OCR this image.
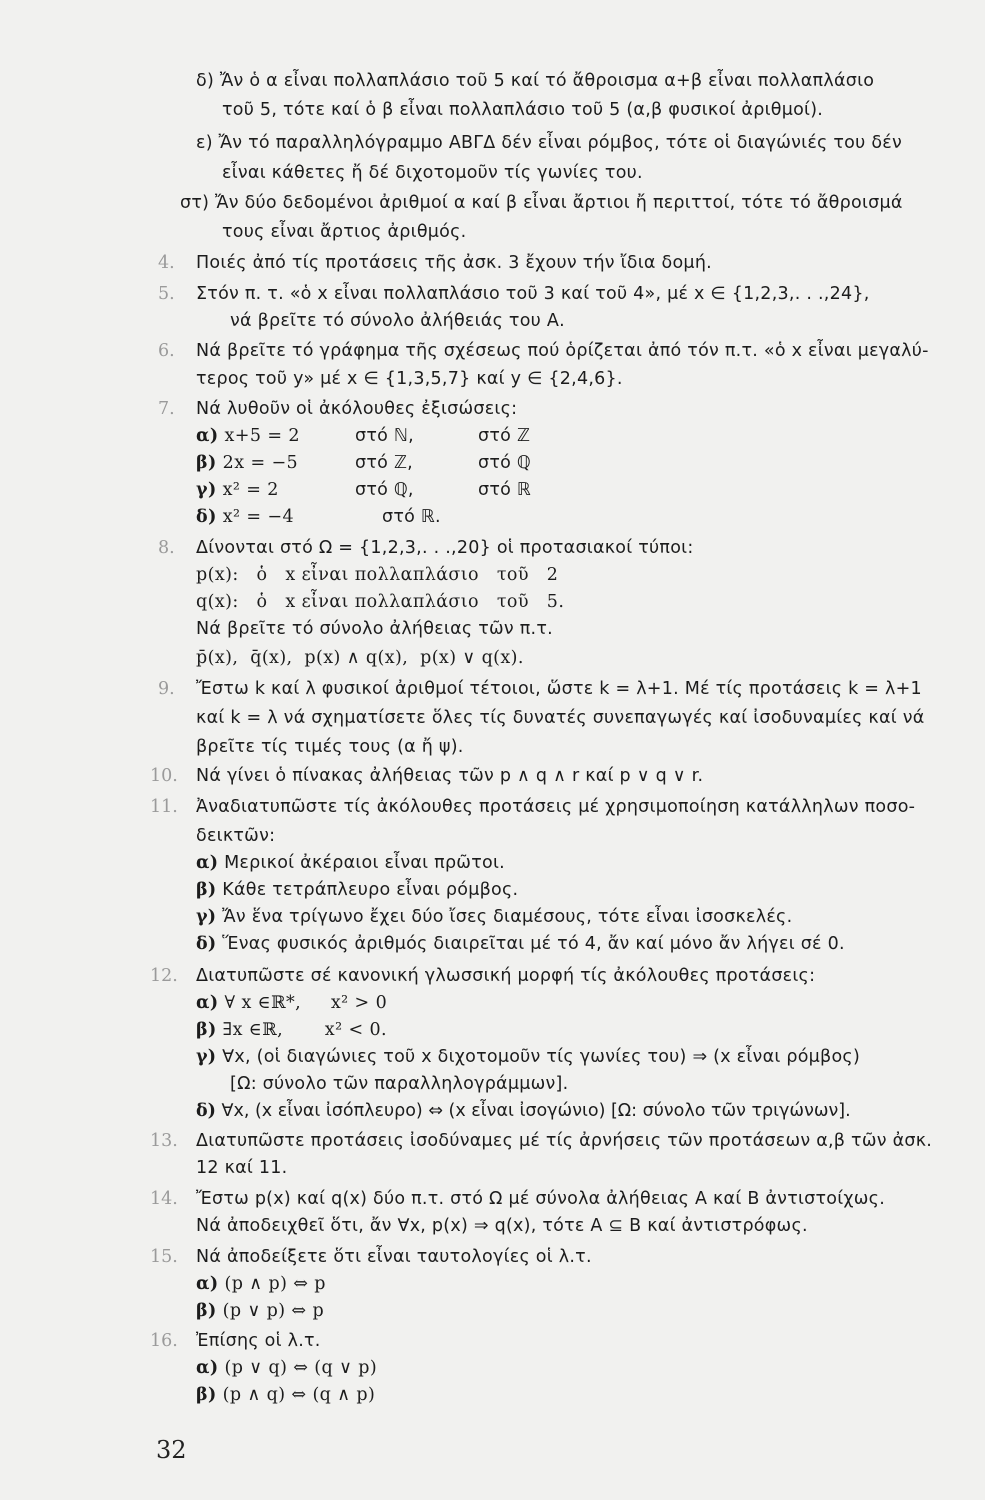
δ) Ἄν ὁ α εἶναι πολλαπλάσιο τοῦ 5 καί τό ἄθροισμα α+β εἶναι πολλαπλάσιο
τοῦ 5, τότε καί ὁ β εἶναι πολλαπλάσιο τοῦ 5 (α,β φυσικοί ἀριθμοί).
ε) Ἄν τό παραλληλόγραμμο ΑΒΓΔ δέν εἶναι ρόμβος, τότε οἱ διαγώνιές του δέν
εἶναι κάθετες ἤ δέ διχοτομοῦν τίς γωνίες του.
στ) Ἄν δύο δεδομένοι ἀριθμοί α καί β εἶναι ἄρτιοι ἤ περιττοί, τότε τό ἄθροισμά
τους εἶναι ἄρτιος ἀριθμός.
4. Ποιές ἀπό τίς προτάσεις τῆς ἀσκ. 3 ἔχουν τήν ἴδια δομή.
5. Στόν π. τ. «ὁ x εἶναι πολλαπλάσιο τοῦ 3 καί τοῦ 4», μέ x ∈ {1,2,3,. . .,24},
νά βρεῖτε τό σύνολο ἀλήθειάς του Α.
6. Νά βρεῖτε τό γράφημα τῆς σχέσεως πού ὁρίζεται ἀπό τόν π.τ. «ὁ x εἶναι μεγαλύ-
τερος τοῦ y» μέ x ∈ {1,3,5,7} καί y ∈ {2,4,6}.
7. Νά λυθοῦν οἱ ἀκόλουθες ἐξισώσεις:
α) x+5 = 2	στό ℕ,	στό ℤ
β) 2x = −5	στό ℤ,	στό ℚ
γ) x² = 2	στό ℚ,	στό ℝ
δ) x² = −4	στό ℝ.
8. Δίνονται στό Ω = {1,2,3,. . .,20} οἱ προτασιακοί τύποι:
p(x):   ὁ   x εἶναι πολλαπλάσιο   τοῦ   2
q(x):   ὁ   x εἶναι πολλαπλάσιο   τοῦ   5.
Νά βρεῖτε τό σύνολο ἀλήθειας τῶν π.τ.
p̄(x),  q̄(x),  p(x) ∧ q(x),  p(x) ∨ q(x).
9. Ἔστω k καί λ φυσικοί ἀριθμοί τέτοιοι, ὥστε k = λ+1. Μέ τίς προτάσεις k = λ+1
καί k = λ νά σχηματίσετε ὅλες τίς δυνατές συνεπαγωγές καί ἰσοδυναμίες καί νά
βρεῖτε τίς τιμές τους (α ἤ ψ).
10. Νά γίνει ὁ πίνακας ἀλήθειας τῶν p ∧ q ∧ r καί p ∨ q ∨ r.
11. Ἀναδιατυπῶστε τίς ἀκόλουθες προτάσεις μέ χρησιμοποίηση κατάλληλων ποσο-
δεικτῶν:
α) Μερικοί ἀκέραιοι εἶναι πρῶτοι.
β) Κάθε τετράπλευρο εἶναι ρόμβος.
γ) Ἄν ἕνα τρίγωνο ἔχει δύο ἴσες διαμέσους, τότε εἶναι ἰσοσκελές.
δ) Ἕνας φυσικός ἀριθμός διαιρεῖται μέ τό 4, ἄν καί μόνο ἄν λήγει σέ 0.
12. Διατυπῶστε σέ κανονική γλωσσική μορφή τίς ἀκόλουθες προτάσεις:
α) ∀ x ∈ℝ*,     x² > 0
β) ∃x ∈ℝ,       x² < 0.
γ) ∀x, (οἱ διαγώνιες τοῦ x διχοτομοῦν τίς γωνίες του) ⇒ (x εἶναι ρόμβος)
[Ω: σύνολο τῶν παραλληλογράμμων].
δ) ∀x, (x εἶναι ἰσόπλευρο) ⇔ (x εἶναι ἰσογώνιο) [Ω: σύνολο τῶν τριγώνων].
13. Διατυπῶστε προτάσεις ἰσοδύναμες μέ τίς ἀρνήσεις τῶν προτάσεων α,β τῶν ἀσκ.
12 καί 11.
14. Ἔστω p(x) καί q(x) δύο π.τ. στό Ω μέ σύνολα ἀλήθειας Α καί Β ἀντιστοίχως.
Νά ἀποδειχθεῖ ὅτι, ἄν ∀x, p(x) ⇒ q(x), τότε Α ⊆ Β καί ἀντιστρόφως.
15. Νά ἀποδείξετε ὅτι εἶναι ταυτολογίες οἱ λ.τ.
α) (p ∧ p) ⇔ p
β) (p ∨ p) ⇔ p
16. Ἐπίσης οἱ λ.τ.
α) (p ∨ q) ⇔ (q ∨ p)
β) (p ∧ q) ⇔ (q ∧ p)
32
